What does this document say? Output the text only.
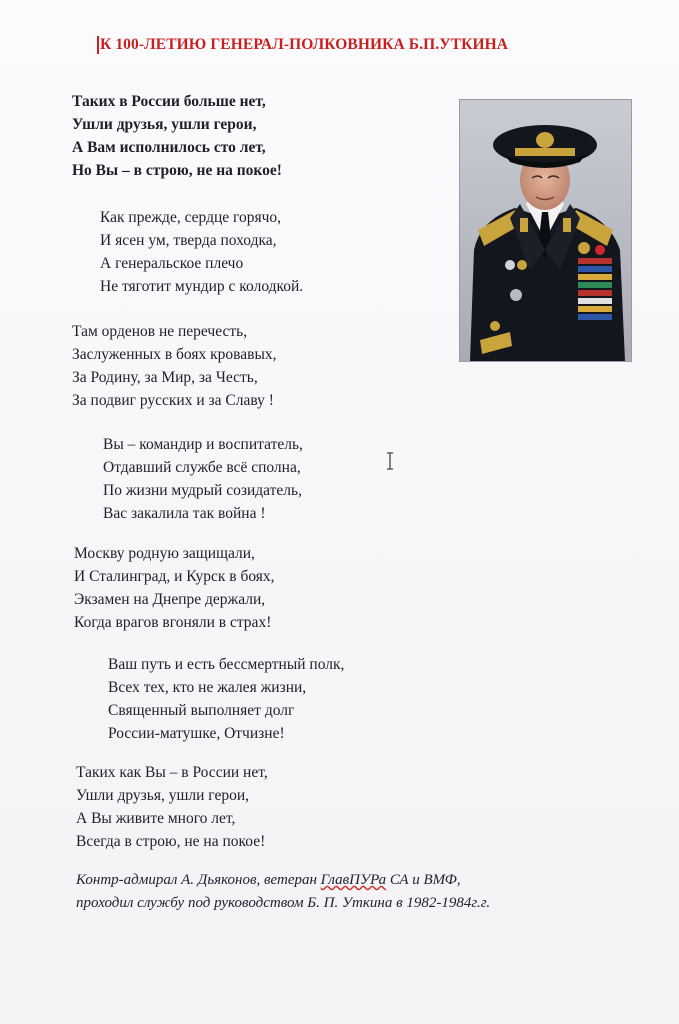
К 100-ЛЕТИЮ ГЕНЕРАЛ-ПОЛКОВНИКА Б.П.УТКИНА
Таких в России больше нет,
Ушли друзья, ушли герои,
А Вам исполнилось сто лет,
Но Вы – в строю, не на покое!
Как прежде, сердце горячо,
И ясен ум, тверда походка,
А генеральское плечо
Не тяготит мундир с колодкой.
Там орденов не перечесть,
Заслуженных в боях кровавых,
За Родину, за Мир, за Честь,
За подвиг русских и за Славу !
Вы – командир и воспитатель,
Отдавший службе всё сполна,
По жизни мудрый созидатель,
Вас закалила так война !
Москву родную защищали,
И Сталинград, и Курск в боях,
Экзамен на Днепре держали,
Когда врагов вгоняли в страх!
Ваш путь и есть бессмертный полк,
Всех тех, кто не жалея жизни,
Священный выполняет долг
России-матушке, Отчизне!
Таких как Вы – в России нет,
Ушли друзья, ушли герои,
А Вы живите много лет,
Всегда в строю, не на покое!
Контр-адмирал А. Дьяконов, ветеран ГлавПУРа СА и ВМФ,
проходил службу под руководством Б. П. Уткина в 1982-1984г.г.
